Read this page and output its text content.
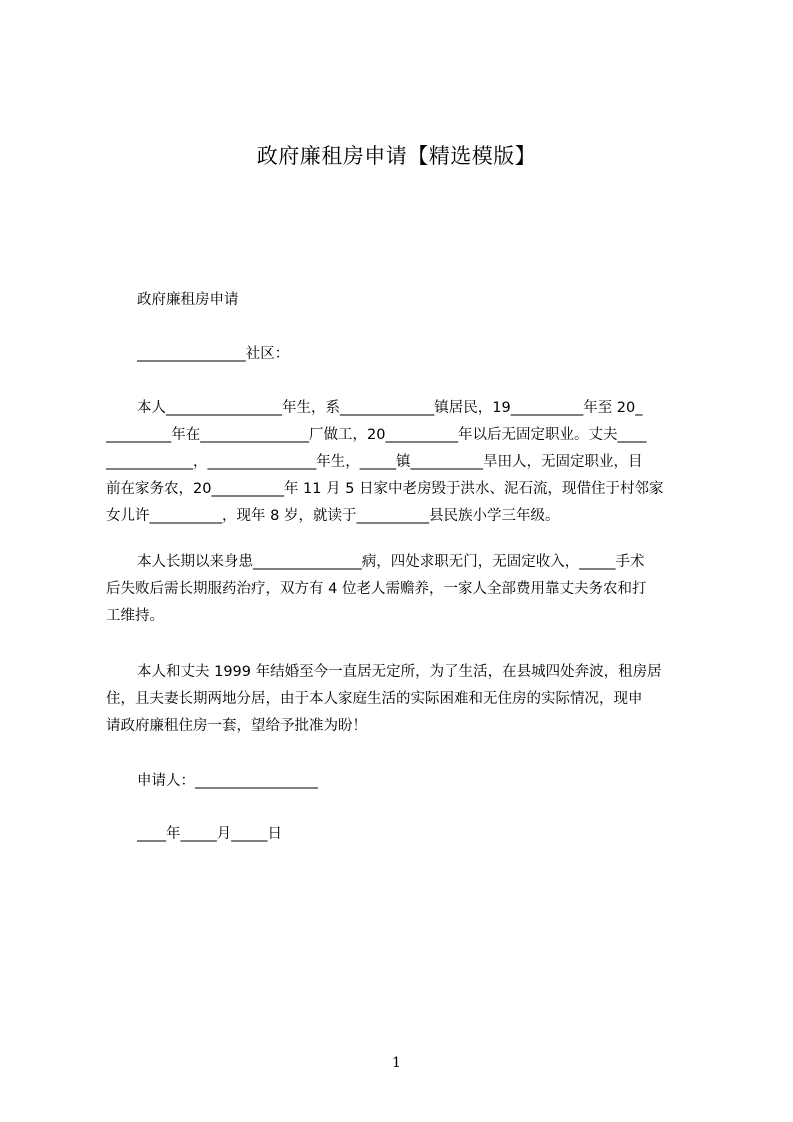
政府廉租房申请【精选模版】
政府廉租房申请
_______________社区：
本人________________年生，系_____________镇居民，19__________年至 20_
_________年在_______________厂做工，20__________年以后无固定职业。丈夫____
____________，_______________年生，_____镇__________旱田人，无固定职业，目
前在家务农，20__________年 11 月 5 日家中老房毁于洪水、泥石流，现借住于村邻家
女儿许__________，现年 8 岁，就读于__________县民族小学三年级。
本人长期以来身患_______________病，四处求职无门，无固定收入，_____手术
后失败后需长期服药治疗，双方有 4 位老人需赡养，一家人全部费用靠丈夫务农和打
工维持。
本人和丈夫 1999 年结婚至今一直居无定所，为了生活，在县城四处奔波，租房居
住，且夫妻长期两地分居，由于本人家庭生活的实际困难和无住房的实际情况，现申
请政府廉租住房一套，望给予批准为盼！
申请人：_________________
____年_____月_____日
1
